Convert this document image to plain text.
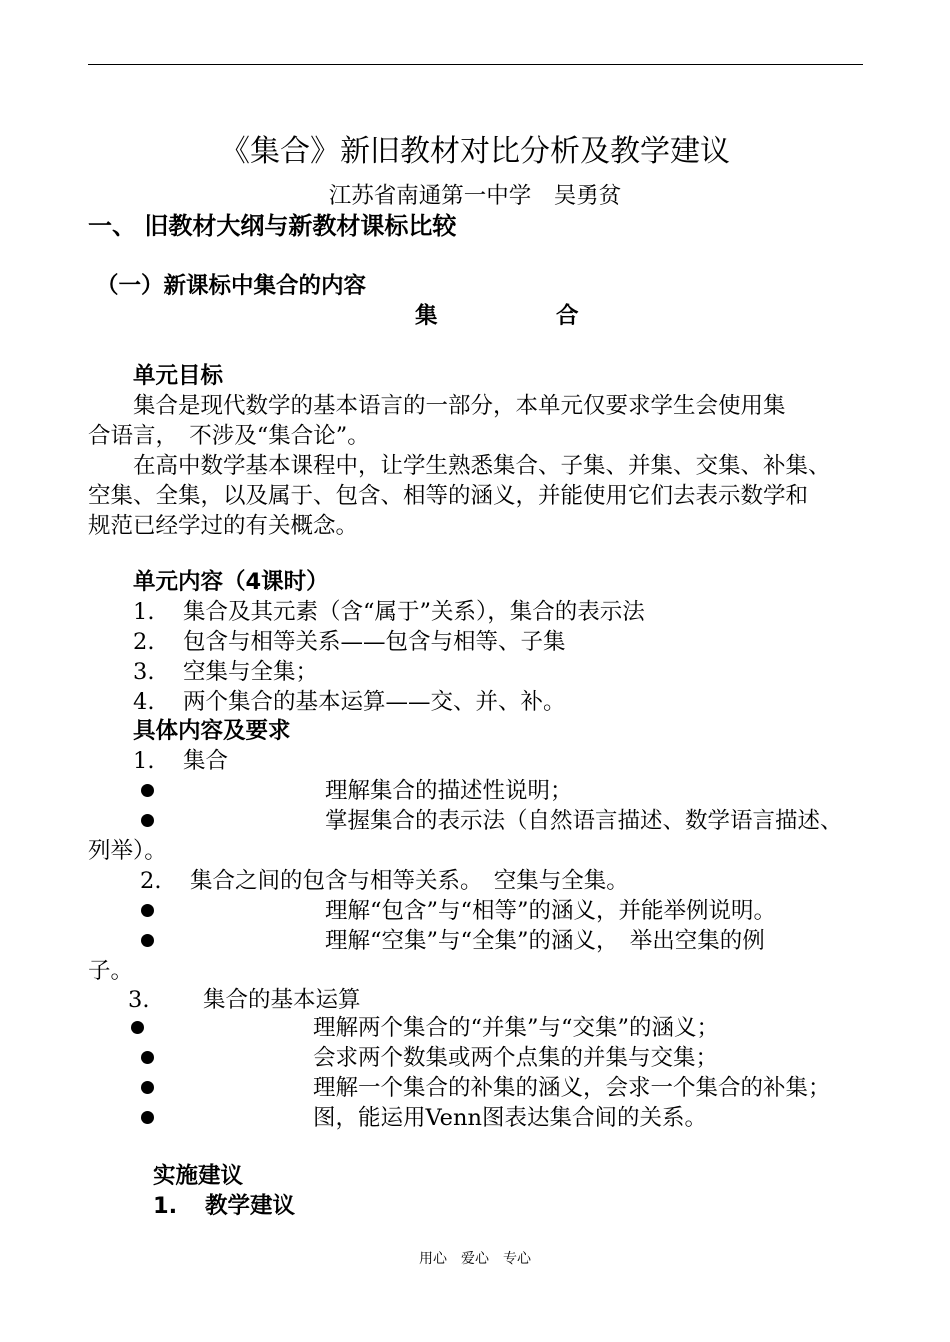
《集合》新旧教材对比分析及教学建议
江苏省南通第一中学　吴勇贫
一、 旧教材大纲与新教材课标比较
（一）新课标中集合的内容
集	合
单元目标
集合是现代数学的基本语言的一部分，本单元仅要求学生会使用集
合语言，　不涉及“集合论”。
在高中数学基本课程中，让学生熟悉集合、子集、并集、交集、补集、
空集、全集，以及属于、包含、相等的涵义，并能使用它们去表示数学和
规范已经学过的有关概念。
单元内容（4课时）
1. 集合及其元素（含“属于”关系），集合的表示法
2. 包含与相等关系——包含与相等、子集
3. 空集与全集；
4. 两个集合的基本运算——交、并、补。
具体内容及要求
1. 集合
理解集合的描述性说明；
掌握集合的表示法（自然语言描述、数学语言描述、
列举）。
2. 集合之间的包含与相等关系。　空集与全集。
理解“包含”与“相等”的涵义，并能举例说明。
理解“空集”与“全集”的涵义，　举出空集的例
子。
3. 集合的基本运算
理解两个集合的“并集”与“交集”的涵义；
会求两个数集或两个点集的并集与交集；
理解一个集合的补集的涵义，会求一个集合的补集；
图，能运用Venn图表达集合间的关系。
实施建议
1. 教学建议
用心　爱心　专心
